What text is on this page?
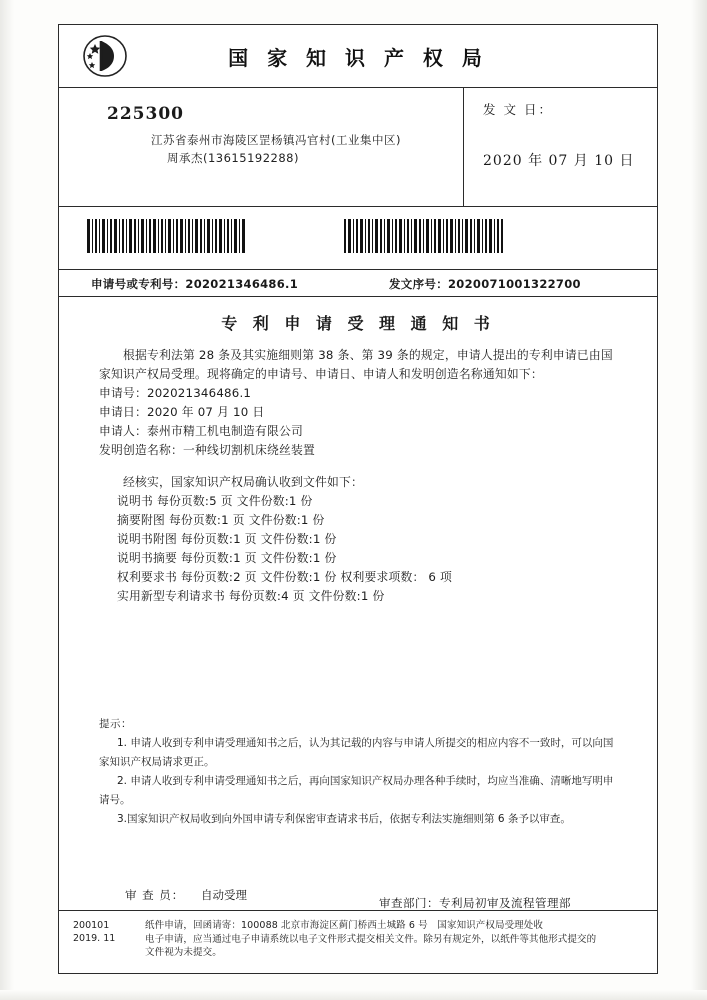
国 家 知 识 产 权 局
225300
江苏省泰州市海陵区罡杨镇冯官村(工业集中区)
周承杰(13615192288)
发 文 日：
2020 年 07 月 10 日
申请号或专利号：202021346486.1	发文序号：2020071001322700
专 利 申 请 受 理 通 知 书
根据专利法第 28 条及其实施细则第 38 条、第 39 条的规定，申请人提出的专利申请已由国家知识产权局受理。现将确定的申请号、申请日、申请人和发明创造名称通知如下：
申请号：202021346486.1
申请日：2020 年 07 月 10 日
申请人：泰州市精工机电制造有限公司
发明创造名称：一种线切割机床绕丝装置
经核实，国家知识产权局确认收到文件如下：
说明书 每份页数:5 页 文件份数:1 份
摘要附图 每份页数:1 页 文件份数:1 份
说明书附图 每份页数:1 页 文件份数:1 份
说明书摘要 每份页数:1 页 文件份数:1 份
权利要求书 每份页数:2 页 文件份数:1 份 权利要求项数： 6 项
实用新型专利请求书 每份页数:4 页 文件份数:1 份
提示：
1. 申请人收到专利申请受理通知书之后，认为其记载的内容与申请人所提交的相应内容不一致时，可以向国家知识产权局请求更正。
2. 申请人收到专利申请受理通知书之后，再向国家知识产权局办理各种手续时，均应当准确、清晰地写明申请号。
3.国家知识产权局收到向外国申请专利保密审查请求书后，依据专利法实施细则第 6 条予以审查。
审 查 员： 自动受理
审查部门：专利局初审及流程管理部
200101
2019. 11
纸件申请，回函请寄：100088 北京市海淀区蓟门桥西土城路 6 号　国家知识产权局受理处收
电子申请，应当通过电子申请系统以电子文件形式提交相关文件。除另有规定外，以纸件等其他形式提交的
文件视为未提交。
